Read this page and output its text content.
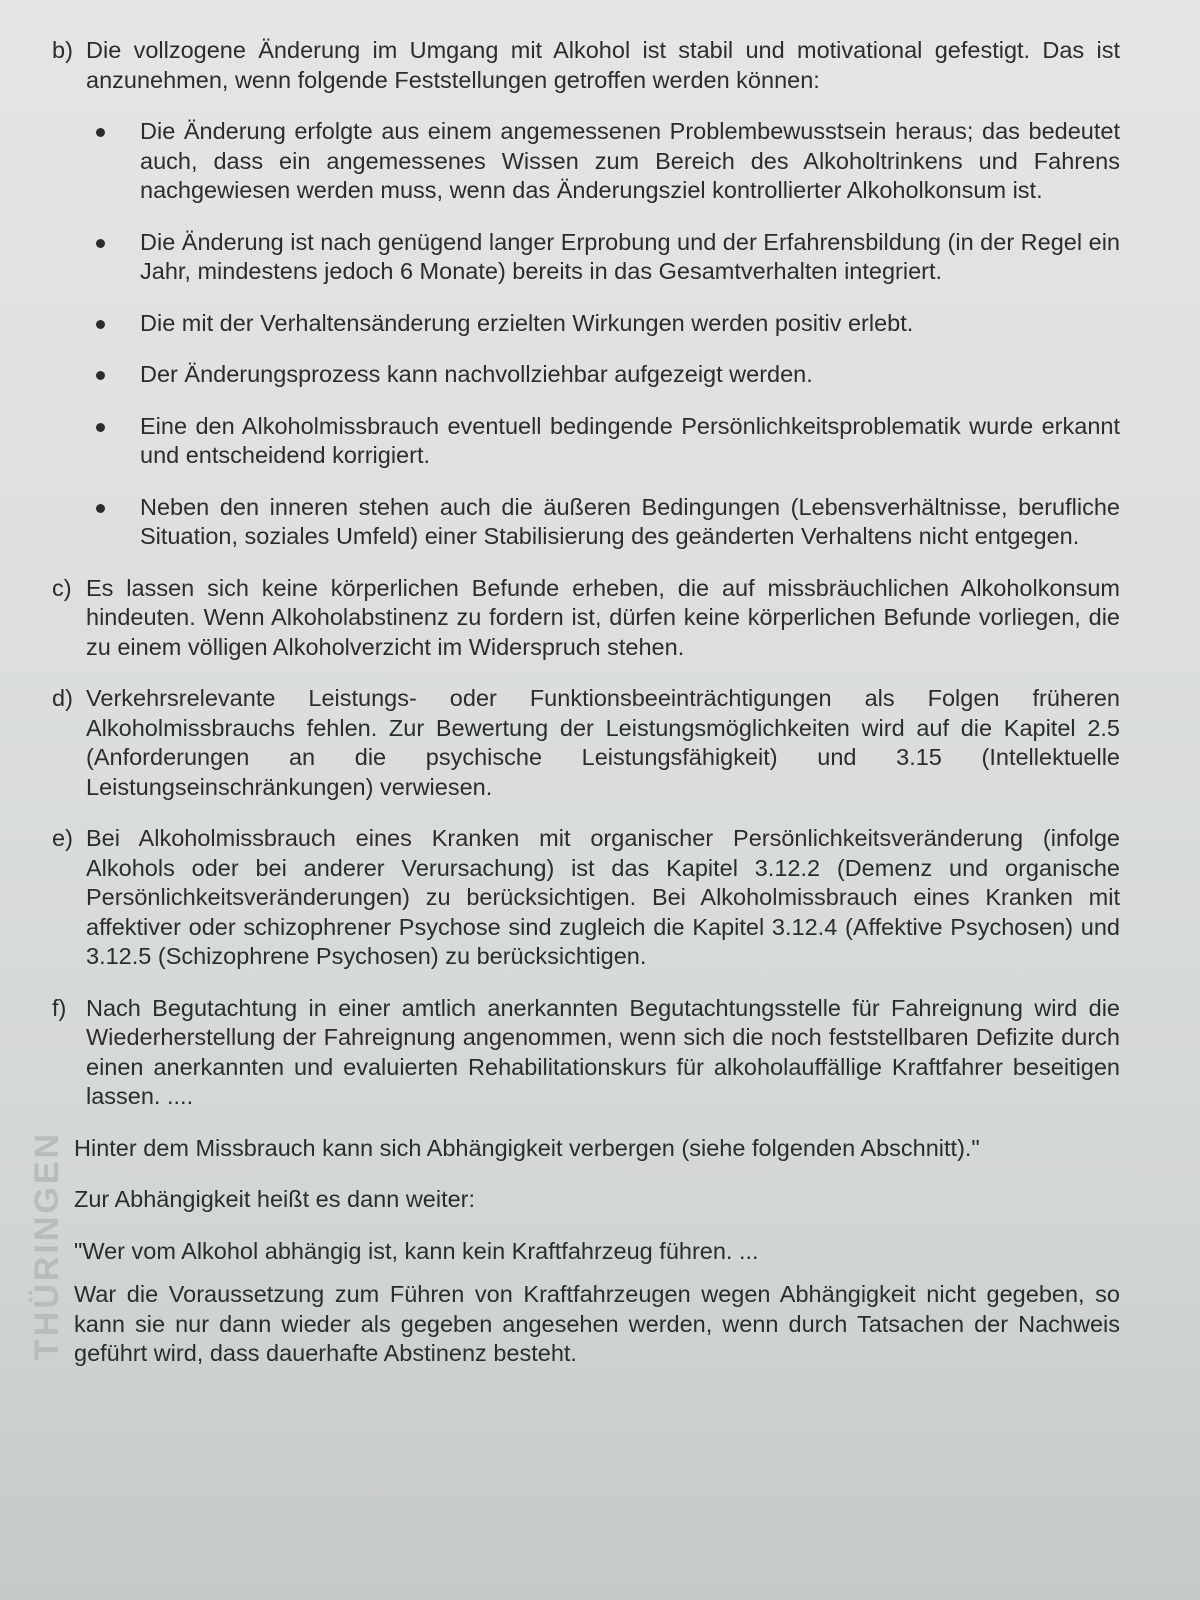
THÜRINGEN
b) Die vollzogene Änderung im Umgang mit Alkohol ist stabil und motivational gefestigt. Das ist anzunehmen, wenn folgende Feststellungen getroffen werden können:
Die Änderung erfolgte aus einem angemessenen Problembewusstsein heraus; das bedeutet auch, dass ein angemessenes Wissen zum Bereich des Alkoholtrinkens und Fahrens nachgewiesen werden muss, wenn das Änderungsziel kontrollierter Alkoholkonsum ist.
Die Änderung ist nach genügend langer Erprobung und der Erfahrensbildung (in der Regel ein Jahr, mindestens jedoch 6 Monate) bereits in das Gesamtverhalten integriert.
Die mit der Verhaltensänderung erzielten Wirkungen werden positiv erlebt.
Der Änderungsprozess kann nachvollziehbar aufgezeigt werden.
Eine den Alkoholmissbrauch eventuell bedingende Persönlichkeitsproblematik wurde erkannt und entscheidend korrigiert.
Neben den inneren stehen auch die äußeren Bedingungen (Lebensverhältnisse, berufliche Situation, soziales Umfeld) einer Stabilisierung des geänderten Verhaltens nicht entgegen.
c) Es lassen sich keine körperlichen Befunde erheben, die auf missbräuchlichen Alkoholkonsum hindeuten. Wenn Alkoholabstinenz zu fordern ist, dürfen keine körperlichen Befunde vorliegen, die zu einem völligen Alkoholverzicht im Widerspruch stehen.
d) Verkehrsrelevante Leistungs- oder Funktionsbeeinträchtigungen als Folgen früheren Alkoholmissbrauchs fehlen. Zur Bewertung der Leistungsmöglichkeiten wird auf die Kapitel 2.5 (Anforderungen an die psychische Leistungsfähigkeit) und 3.15 (Intellektuelle Leistungseinschränkungen) verwiesen.
e) Bei Alkoholmissbrauch eines Kranken mit organischer Persönlichkeitsveränderung (infolge Alkohols oder bei anderer Verursachung) ist das Kapitel 3.12.2 (Demenz und organische Persönlichkeitsveränderungen) zu berücksichtigen. Bei Alkoholmissbrauch eines Kranken mit affektiver oder schizophrener Psychose sind zugleich die Kapitel 3.12.4 (Affektive Psychosen) und 3.12.5 (Schizophrene Psychosen) zu berücksichtigen.
f) Nach Begutachtung in einer amtlich anerkannten Begutachtungsstelle für Fahreignung wird die Wiederherstellung der Fahreignung angenommen, wenn sich die noch feststellbaren Defizite durch einen anerkannten und evaluierten Rehabilitationskurs für alkoholauffällige Kraftfahrer beseitigen lassen. ....

Hinter dem Missbrauch kann sich Abhängigkeit verbergen (siehe folgenden Abschnitt)."

Zur Abhängigkeit heißt es dann weiter:

"Wer vom Alkohol abhängig ist, kann kein Kraftfahrzeug führen. ...

War die Voraussetzung zum Führen von Kraftfahrzeugen wegen Abhängigkeit nicht gegeben, so kann sie nur dann wieder als gegeben angesehen werden, wenn durch Tatsachen der Nachweis geführt wird, dass dauerhafte Abstinenz besteht.
